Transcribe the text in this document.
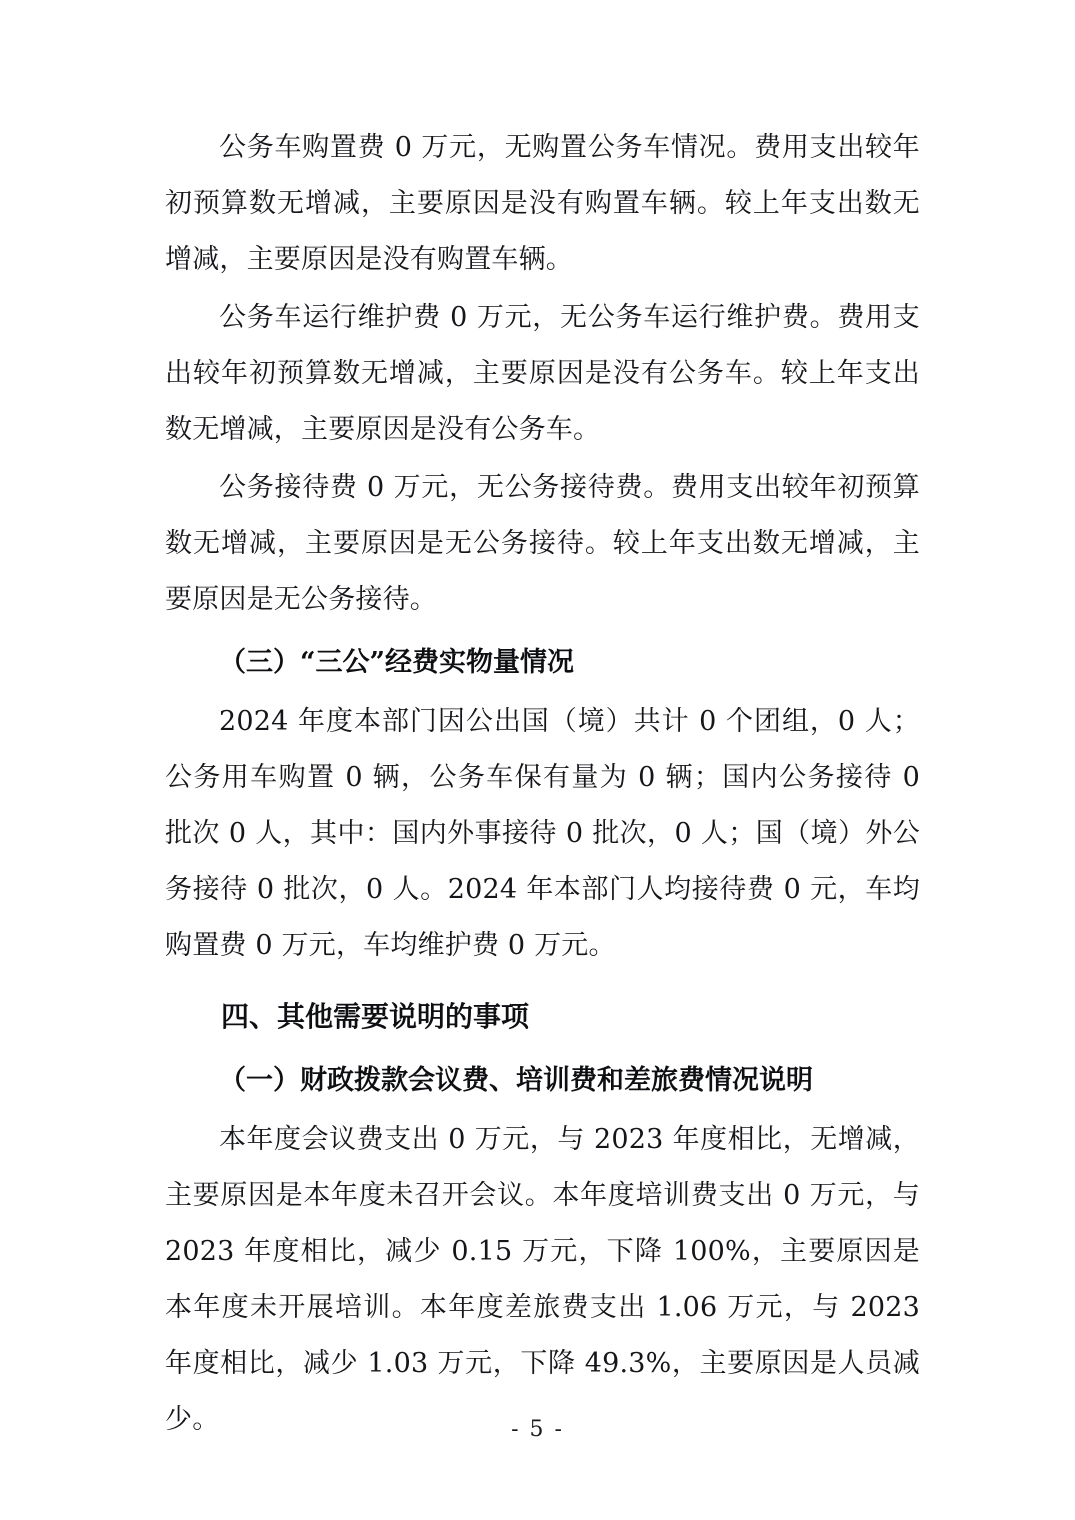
公务车购置费 0 万元，无购置公务车情况。费用支出较年初预算数无增减，主要原因是没有购置车辆。较上年支出数无增减，主要原因是没有购置车辆。

公务车运行维护费 0 万元，无公务车运行维护费。费用支出较年初预算数无增减，主要原因是没有公务车。较上年支出数无增减，主要原因是没有公务车。

公务接待费 0 万元，无公务接待费。费用支出较年初预算数无增减，主要原因是无公务接待。较上年支出数无增减，主要原因是无公务接待。

（三）“三公”经费实物量情况

2024 年度本部门因公出国（境）共计 0 个团组，0 人；公务用车购置 0 辆，公务车保有量为 0 辆；国内公务接待 0 批次 0 人，其中：国内外事接待 0 批次，0 人；国（境）外公务接待 0 批次，0 人。2024 年本部门人均接待费 0 元，车均购置费 0 万元，车均维护费 0 万元。

四、其他需要说明的事项
（一）财政拨款会议费、培训费和差旅费情况说明

本年度会议费支出 0 万元，与 2023 年度相比，无增减，主要原因是本年度未召开会议。本年度培训费支出 0 万元，与 2023 年度相比，减少 0.15 万元，下降 100%，主要原因是本年度未开展培训。本年度差旅费支出 1.06 万元，与 2023 年度相比，减少 1.03 万元，下降 49.3%，主要原因是人员减少。	- 5 -
